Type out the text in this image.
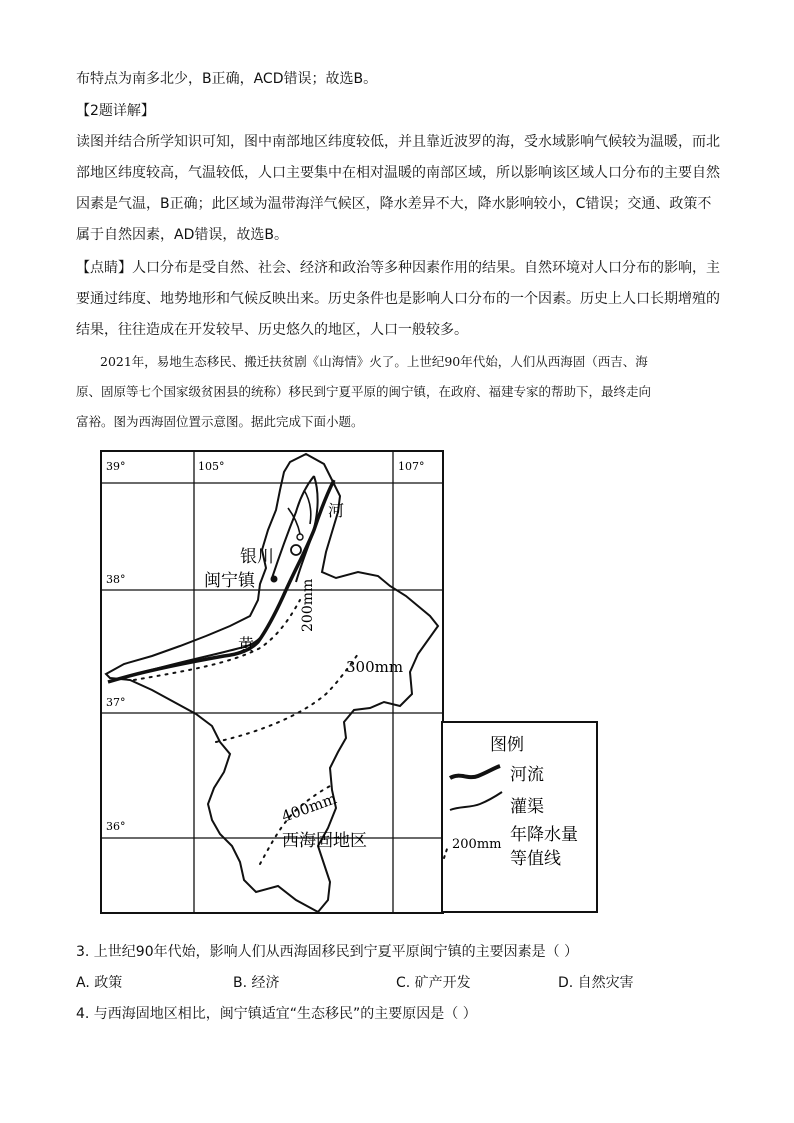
布特点为南多北少，B正确，ACD错误；故选B。
【2题详解】
读图并结合所学知识可知，图中南部地区纬度较低，并且靠近波罗的海，受水域影响气候较为温暖，而北
部地区纬度较高，气温较低，人口主要集中在相对温暖的南部区域，所以影响该区域人口分布的主要自然
因素是气温，B正确；此区域为温带海洋气候区，降水差异不大，降水影响较小，C错误；交通、政策不
属于自然因素，AD错误，故选B。
【点睛】人口分布是受自然、社会、经济和政治等多种因素作用的结果。自然环境对人口分布的影响，主
要通过纬度、地势地形和气候反映出来。历史条件也是影响人口分布的一个因素。历史上人口长期增殖的
结果，往往造成在开发较早、历史悠久的地区，人口一般较多。
2021年，易地生态移民、搬迁扶贫剧《山海情》火了。上世纪90年代始，人们从西海固（西吉、海
原、固原等七个国家级贫困县的统称）移民到宁夏平原的闽宁镇，在政府、福建专家的帮助下，最终走向
富裕。图为西海固位置示意图。据此完成下面小题。
39°
38°
37°
36°
105°	107°
河
黄
银川
闽宁镇	200mm
300mm
400mm
西海固地区
图例
河流
灌渠
200mm 年降水量
等值线
3. 上世纪90年代始，影响人们从西海固移民到宁夏平原闽宁镇的主要因素是（ ）
A. 政策	B. 经济	C. 矿产开发	D. 自然灾害
4. 与西海固地区相比，闽宁镇适宜“生态移民”的主要原因是（ ）
